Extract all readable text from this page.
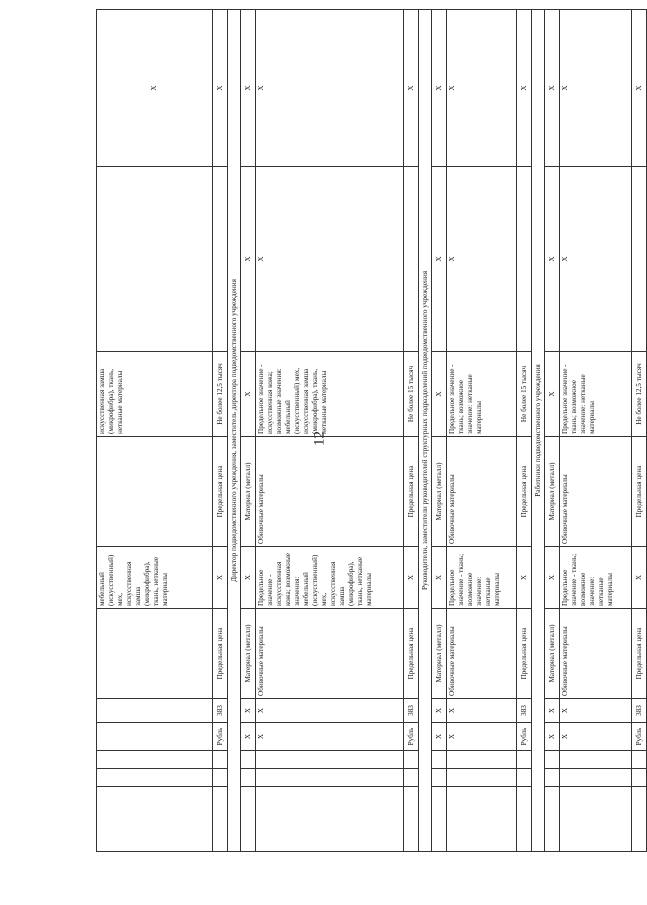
12
						мебельный (искусственный) мех, искусственная замша (микрофибра), ткань, нетканые материалы		искусственная замша (микрофибра), ткань, нетканые материалы		X
			Рубль	383	Предельная цена	X	Предельная цена	Не более 12,5 тысяч		X
Директор подведомственного учреждения, заместитель директора подведомственного учреждения										
			X	X	Материал (металл)	X	Материал (металл)	X	X	X
			X	X	Обивочные материалы	Предельное значение - искусственная кожа; возможные значения: мебельный (искусственный) мех, искусственная замша (микрофибра), ткань, нетканые материалы	Обивочные материалы	Предельное значение - искусственная кожа; возможные значения: мебельный (искусственный) мех, искусственная замша (микрофибра), ткань, нетканые материалы	X	X
			Рубль	383	Предельная цена	X	Предельная цена	Не более 15 тысяч		X
Руководители, заместители руководителей структурных подразделений подведомственного учреждения										
			X	X	Материал (металл)	X	Материал (металл)	X	X	X
			X	X	Обивочные материалы	Предельное значение - ткань; возможное значение: нетканые материалы	Обивочные материалы	Предельное значение - ткань; возможное значение: нетканые материалы	X	X
			Рубль	383	Предельная цена	X	Предельная цена	Не более 15 тысяч		X
Работники подведомственного учреждения										
			X	X	Материал (металл)	X	Материал (металл)	X	X	X
			X	X	Обивочные материалы	Предельное значение - ткань; возможное значение: нетканые материалы	Обивочные материалы	Предельное значение - ткань; возможное значение: нетканые материалы	X	X
			Рубль	383	Предельная цена	X	Предельная цена	Не более 12,5 тысяч		X
